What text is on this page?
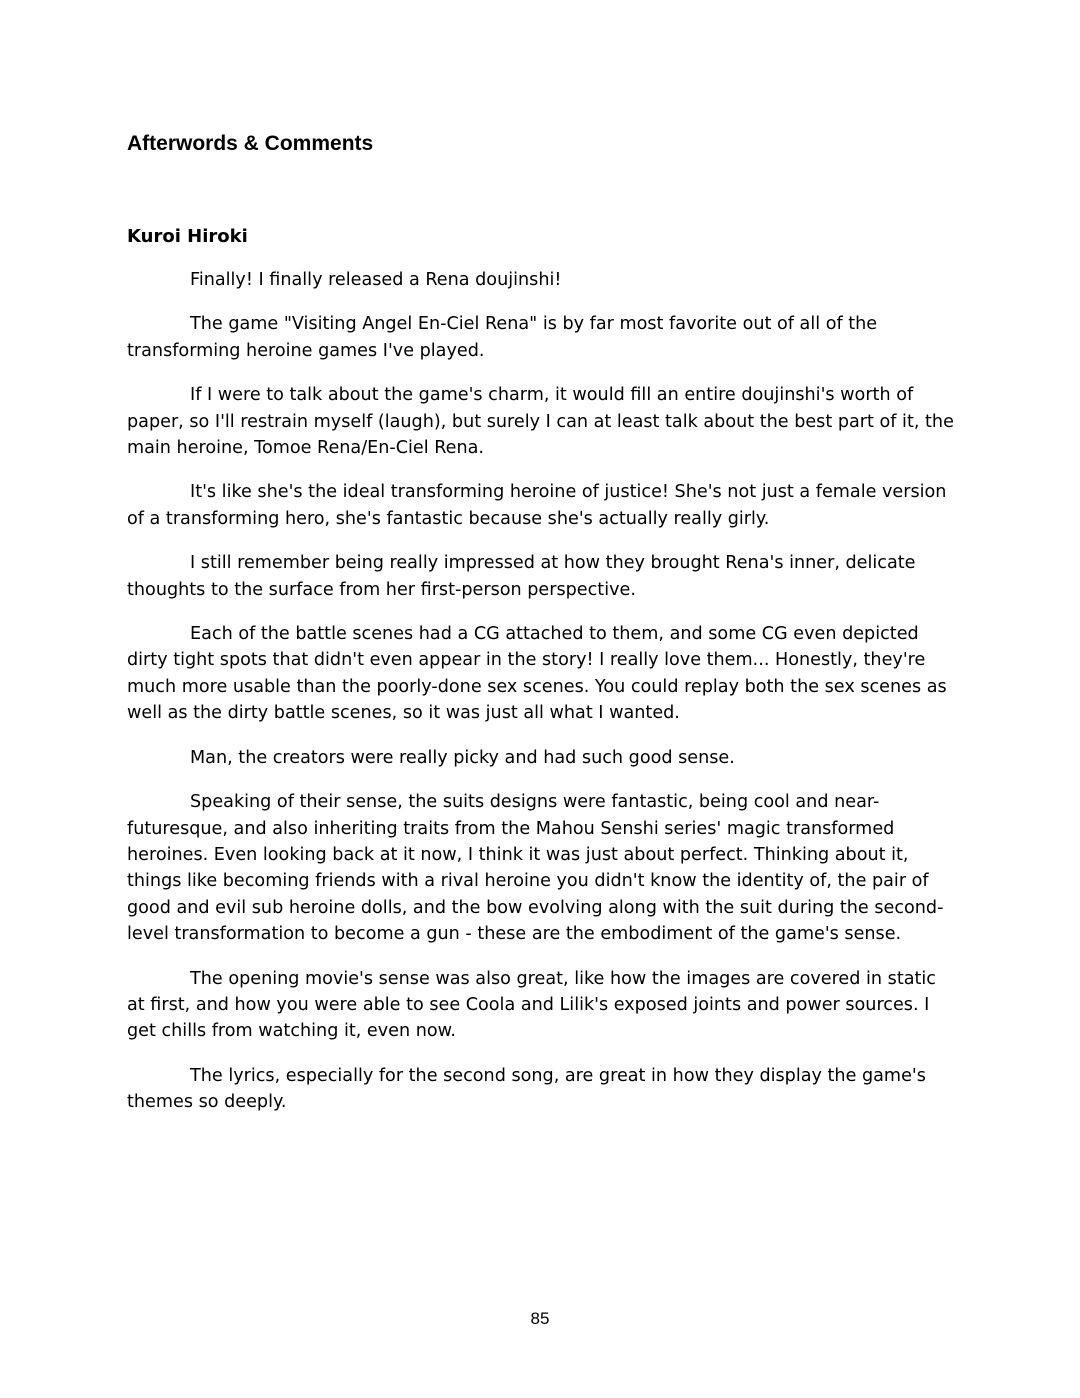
Afterwords & Comments
Kuroi Hiroki

Finally! I finally released a Rena doujinshi!

The game "Visiting Angel En-Ciel Rena" is by far most favorite out of all of the transforming heroine games I've played.

If I were to talk about the game's charm, it would fill an entire doujinshi's worth of paper, so I'll restrain myself (laugh), but surely I can at least talk about the best part of it, the main heroine, Tomoe Rena/En-Ciel Rena.

It's like she's the ideal transforming heroine of justice! She's not just a female version of a transforming hero, she's fantastic because she's actually really girly.

I still remember being really impressed at how they brought Rena's inner, delicate thoughts to the surface from her first-person perspective.

Each of the battle scenes had a CG attached to them, and some CG even depicted dirty tight spots that didn't even appear in the story! I really love them... Honestly, they're much more usable than the poorly-done sex scenes. You could replay both the sex scenes as well as the dirty battle scenes, so it was just all what I wanted.

Man, the creators were really picky and had such good sense.

Speaking of their sense, the suits designs were fantastic, being cool and near-futuresque, and also inheriting traits from the Mahou Senshi series' magic transformed heroines. Even looking back at it now, I think it was just about perfect. Thinking about it, things like becoming friends with a rival heroine you didn't know the identity of, the pair of good and evil sub heroine dolls, and the bow evolving along with the suit during the second-level transformation to become a gun - these are the embodiment of the game's sense.

The opening movie's sense was also great, like how the images are covered in static at first, and how you were able to see Coola and Lilik's exposed joints and power sources. I get chills from watching it, even now.

The lyrics, especially for the second song, are great in how they display the game's themes so deeply.

85
